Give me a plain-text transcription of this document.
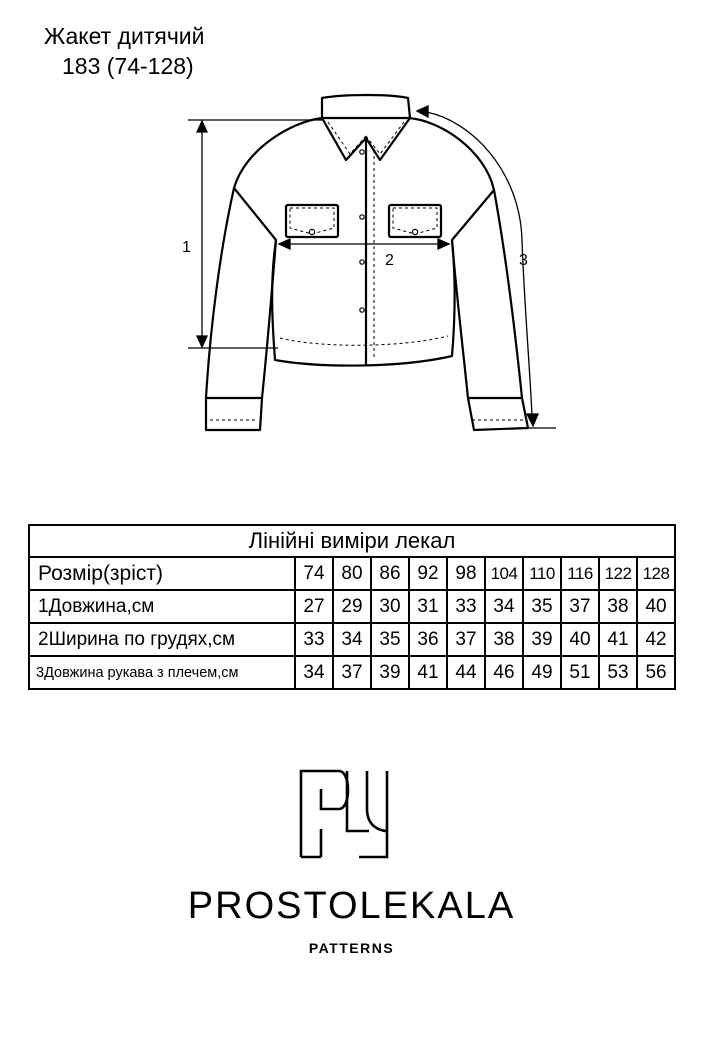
Жакет дитячий
183 (74-128)
1
2	3
Лінійні виміри лекал										
Розмір(зріст)	74	80	86	92	98	104	110	116	122	128
1Довжина,см	27	29	30	31	33	34	35	37	38	40
2Ширина по грудях,см	33	34	35	36	37	38	39	40	41	42
3Довжина рукава з плечем,см	34	37	39	41	44	46	49	51	53	56
PROSTOLEKALA
PATTERNS
